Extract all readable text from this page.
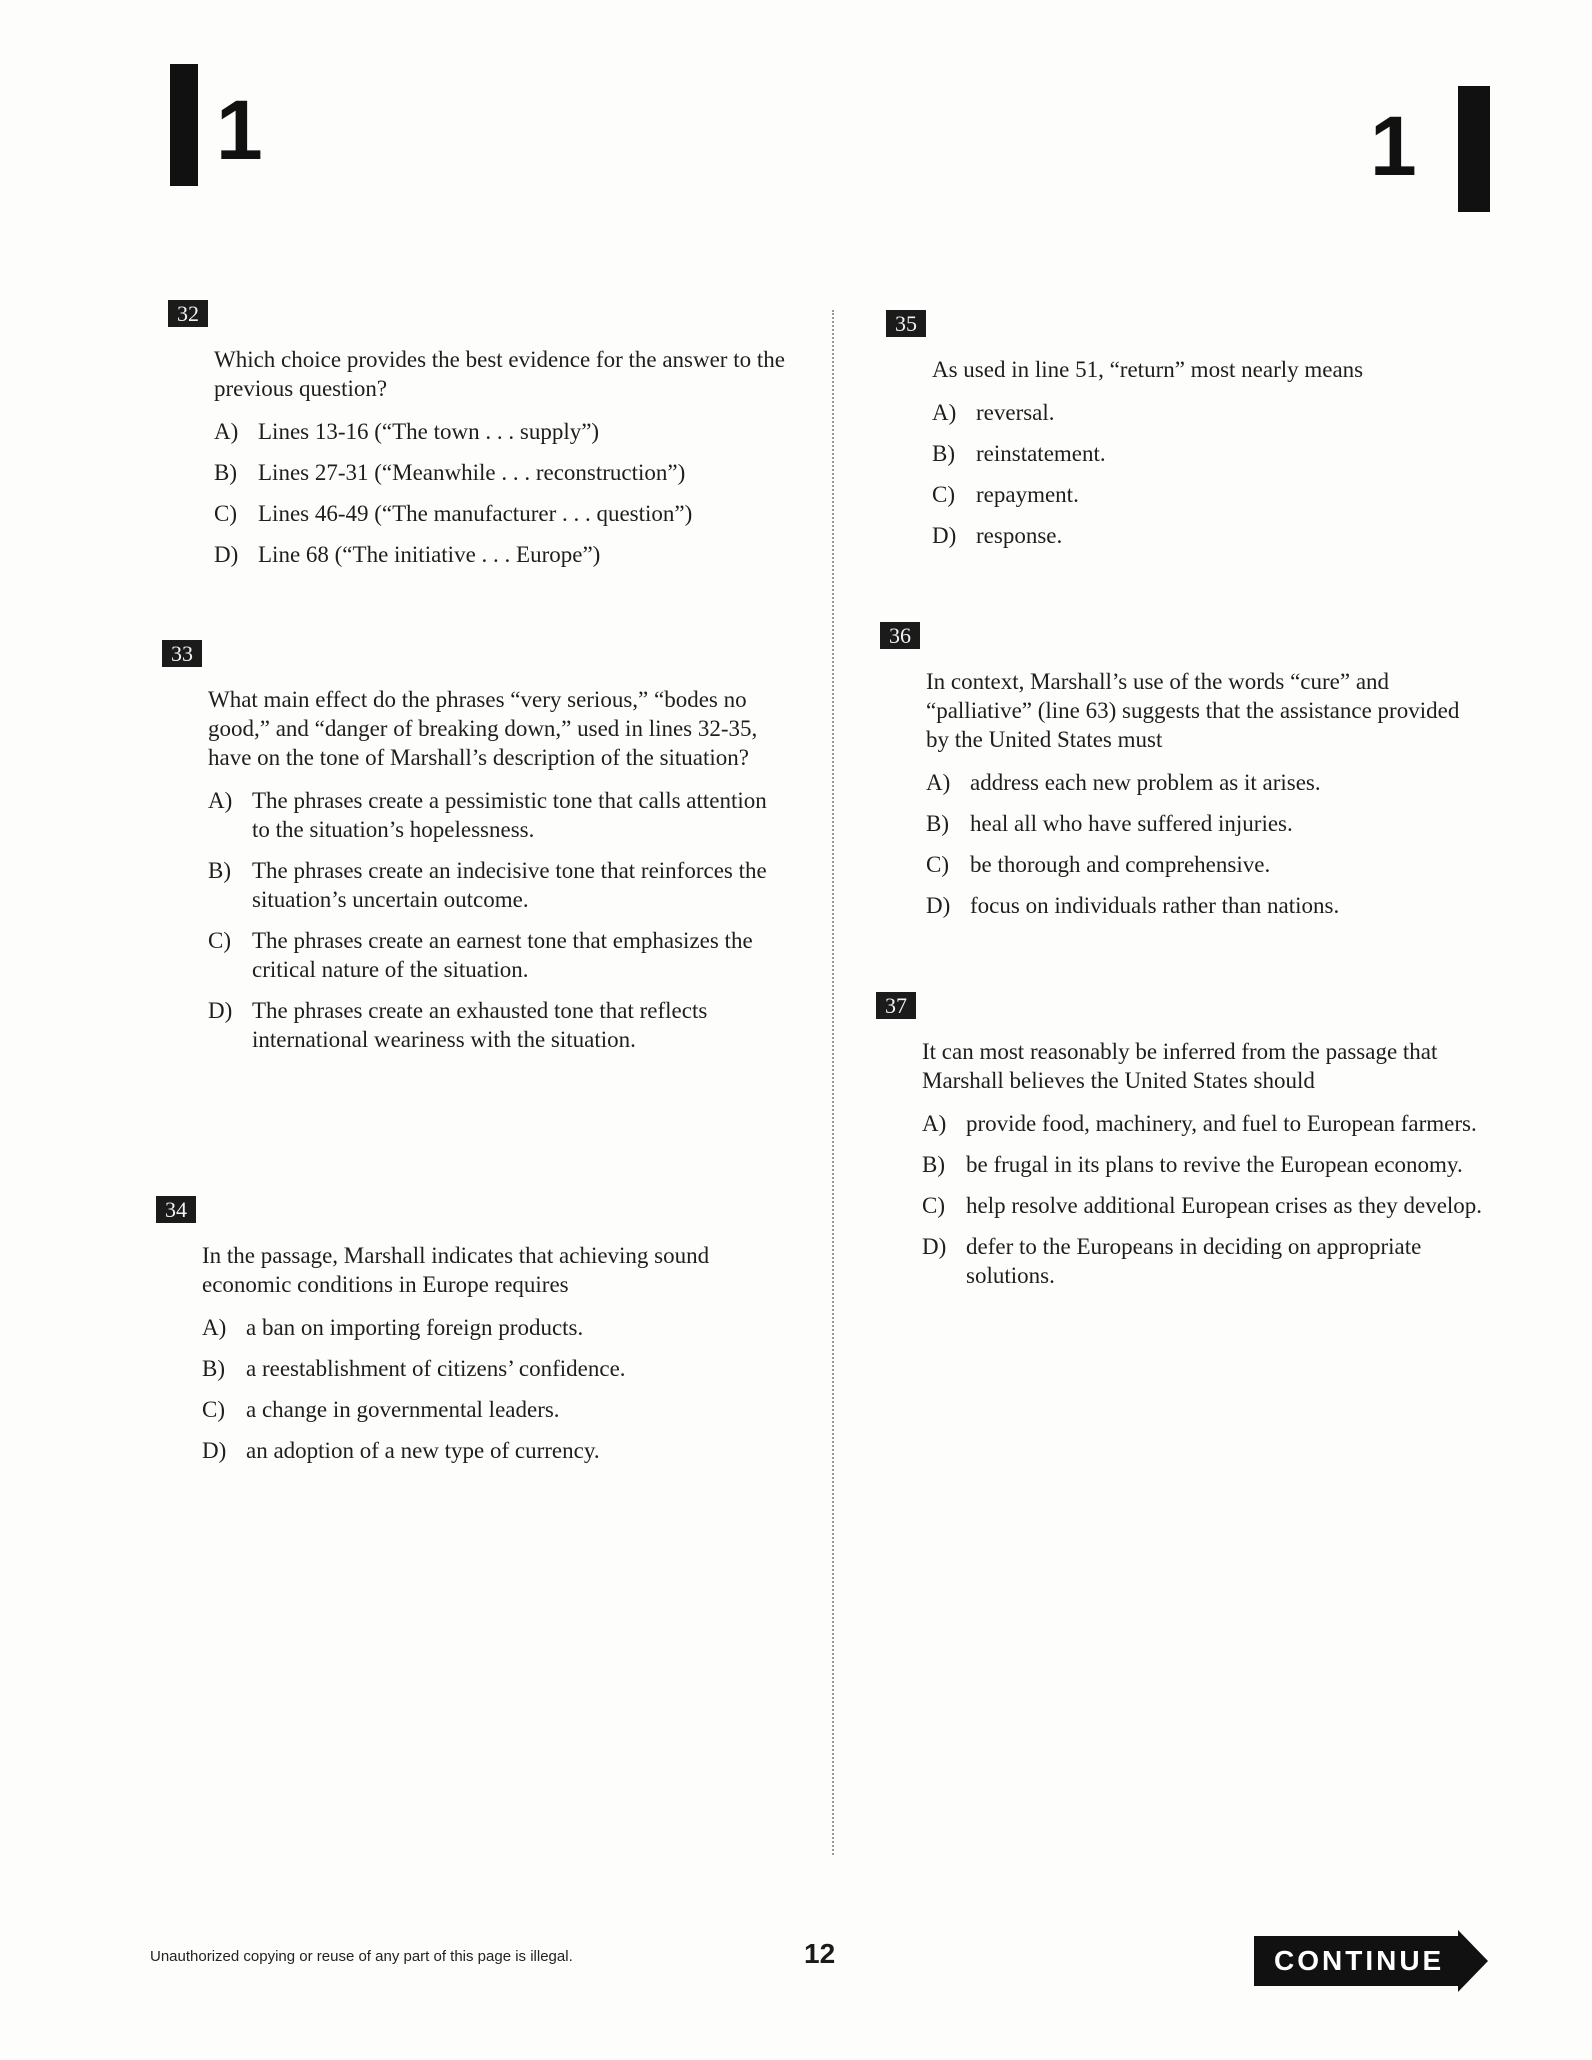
1	1
32
Which choice provides the best evidence for the answer to the previous question?
A) Lines 13-16 (“The town . . . supply”)
B) Lines 27-31 (“Meanwhile . . . reconstruction”)
C) Lines 46-49 (“The manufacturer . . . question”)
D) Line 68 (“The initiative . . . Europe”)
33
What main effect do the phrases “very serious,” “bodes no good,” and “danger of breaking down,” used in lines 32-35, have on the tone of Marshall’s description of the situation?
A) The phrases create a pessimistic tone that calls attention to the situation’s hopelessness.
B) The phrases create an indecisive tone that reinforces the situation’s uncertain outcome.
C) The phrases create an earnest tone that emphasizes the critical nature of the situation.
D) The phrases create an exhausted tone that reflects international weariness with the situation.
34
In the passage, Marshall indicates that achieving sound economic conditions in Europe requires
A) a ban on importing foreign products.
B) a reestablishment of citizens’ confidence.
C) a change in governmental leaders.
D) an adoption of a new type of currency.
35
As used in line 51, “return” most nearly means
A) reversal.
B) reinstatement.
C) repayment.
D) response.
36
In context, Marshall’s use of the words “cure” and “palliative” (line 63) suggests that the assistance provided by the United States must
A) address each new problem as it arises.
B) heal all who have suffered injuries.
C) be thorough and comprehensive.
D) focus on individuals rather than nations.
37
It can most reasonably be inferred from the passage that Marshall believes the United States should
A) provide food, machinery, and fuel to European farmers.
B) be frugal in its plans to revive the European economy.
C) help resolve additional European crises as they develop.
D) defer to the Europeans in deciding on appropriate solutions.
Unauthorized copying or reuse of any part of this page is illegal.	12	CONTINUE
